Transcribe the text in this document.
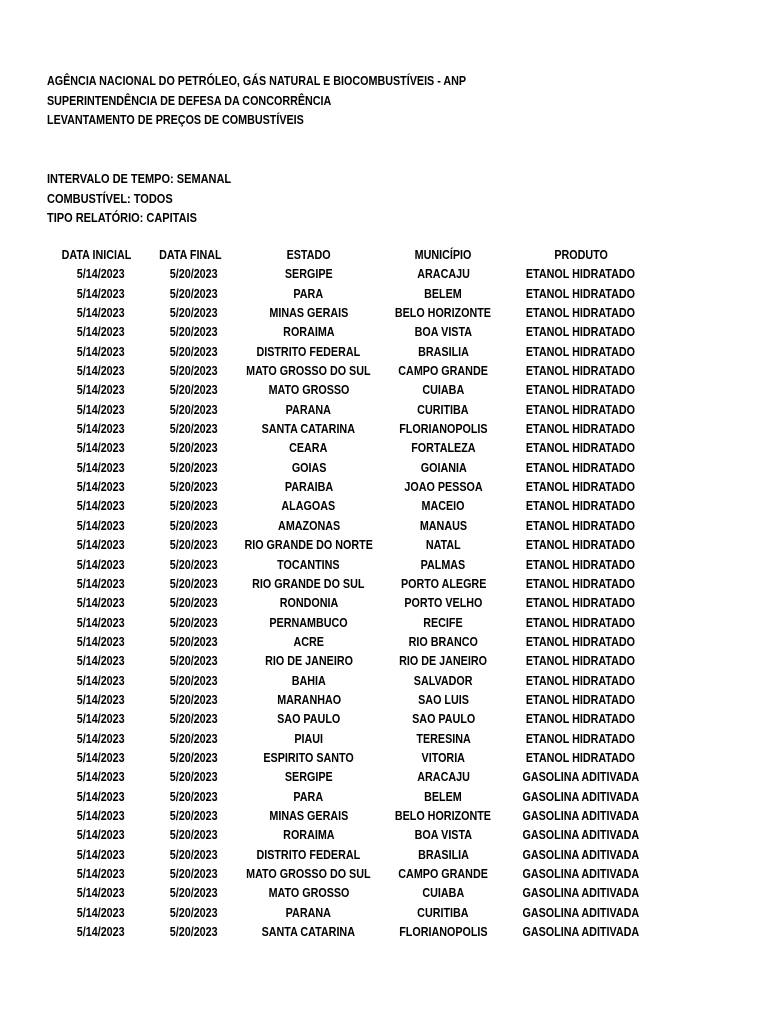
AGÊNCIA NACIONAL DO PETRÓLEO, GÁS NATURAL E BIOCOMBUSTÍVEIS - ANP
SUPERINTENDÊNCIA DE DEFESA DA CONCORRÊNCIA
LEVANTAMENTO DE PREÇOS DE COMBUSTÍVEIS
INTERVALO DE TEMPO: SEMANAL
COMBUSTÍVEL: TODOS
TIPO RELATÓRIO: CAPITAIS
DATA INICIAL	DATA FINAL	ESTADO	MUNICÍPIO	PRODUTO
5/14/2023	5/20/2023	SERGIPE	ARACAJU	ETANOL HIDRATADO
5/14/2023	5/20/2023	PARA	BELEM	ETANOL HIDRATADO
5/14/2023	5/20/2023	MINAS GERAIS	BELO HORIZONTE	ETANOL HIDRATADO
5/14/2023	5/20/2023	RORAIMA	BOA VISTA	ETANOL HIDRATADO
5/14/2023	5/20/2023	DISTRITO FEDERAL	BRASILIA	ETANOL HIDRATADO
5/14/2023	5/20/2023	MATO GROSSO DO SUL	CAMPO GRANDE	ETANOL HIDRATADO
5/14/2023	5/20/2023	MATO GROSSO	CUIABA	ETANOL HIDRATADO
5/14/2023	5/20/2023	PARANA	CURITIBA	ETANOL HIDRATADO
5/14/2023	5/20/2023	SANTA CATARINA	FLORIANOPOLIS	ETANOL HIDRATADO
5/14/2023	5/20/2023	CEARA	FORTALEZA	ETANOL HIDRATADO
5/14/2023	5/20/2023	GOIAS	GOIANIA	ETANOL HIDRATADO
5/14/2023	5/20/2023	PARAIBA	JOAO PESSOA	ETANOL HIDRATADO
5/14/2023	5/20/2023	ALAGOAS	MACEIO	ETANOL HIDRATADO
5/14/2023	5/20/2023	AMAZONAS	MANAUS	ETANOL HIDRATADO
5/14/2023	5/20/2023	RIO GRANDE DO NORTE	NATAL	ETANOL HIDRATADO
5/14/2023	5/20/2023	TOCANTINS	PALMAS	ETANOL HIDRATADO
5/14/2023	5/20/2023	RIO GRANDE DO SUL	PORTO ALEGRE	ETANOL HIDRATADO
5/14/2023	5/20/2023	RONDONIA	PORTO VELHO	ETANOL HIDRATADO
5/14/2023	5/20/2023	PERNAMBUCO	RECIFE	ETANOL HIDRATADO
5/14/2023	5/20/2023	ACRE	RIO BRANCO	ETANOL HIDRATADO
5/14/2023	5/20/2023	RIO DE JANEIRO	RIO DE JANEIRO	ETANOL HIDRATADO
5/14/2023	5/20/2023	BAHIA	SALVADOR	ETANOL HIDRATADO
5/14/2023	5/20/2023	MARANHAO	SAO LUIS	ETANOL HIDRATADO
5/14/2023	5/20/2023	SAO PAULO	SAO PAULO	ETANOL HIDRATADO
5/14/2023	5/20/2023	PIAUI	TERESINA	ETANOL HIDRATADO
5/14/2023	5/20/2023	ESPIRITO SANTO	VITORIA	ETANOL HIDRATADO
5/14/2023	5/20/2023	SERGIPE	ARACAJU	GASOLINA ADITIVADA
5/14/2023	5/20/2023	PARA	BELEM	GASOLINA ADITIVADA
5/14/2023	5/20/2023	MINAS GERAIS	BELO HORIZONTE	GASOLINA ADITIVADA
5/14/2023	5/20/2023	RORAIMA	BOA VISTA	GASOLINA ADITIVADA
5/14/2023	5/20/2023	DISTRITO FEDERAL	BRASILIA	GASOLINA ADITIVADA
5/14/2023	5/20/2023	MATO GROSSO DO SUL	CAMPO GRANDE	GASOLINA ADITIVADA
5/14/2023	5/20/2023	MATO GROSSO	CUIABA	GASOLINA ADITIVADA
5/14/2023	5/20/2023	PARANA	CURITIBA	GASOLINA ADITIVADA
5/14/2023	5/20/2023	SANTA CATARINA	FLORIANOPOLIS	GASOLINA ADITIVADA
